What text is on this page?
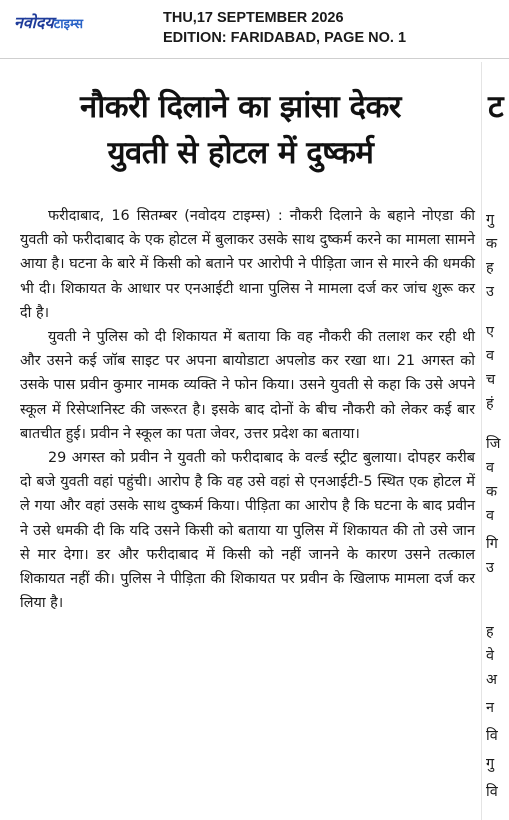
नवोदयटाइम्स	THU,17 SEPTEMBER 2026
EDITION: FARIDABAD, PAGE NO. 1
नौकरी दिलाने का झांसा देकर
युवती से होटल में दुष्कर्म

फरीदाबाद, 16 सितम्बर (नवोदय टाइम्स) : नौकरी दिलाने के बहाने नोएडा की युवती को फरीदाबाद के एक होटल में बुलाकर उसके साथ दुष्कर्म करने का मामला सामने आया है। घटना के बारे में किसी को बताने पर आरोपी ने पीड़िता जान से मारने की धमकी भी दी। शिकायत के आधार पर एनआईटी थाना पुलिस ने मामला दर्ज कर जांच शुरू कर दी है।

युवती ने पुलिस को दी शिकायत में बताया कि वह नौकरी की तलाश कर रही थी और उसने कई जॉब साइट पर अपना बायोडाटा अपलोड कर रखा था। 21 अगस्त को उसके पास प्रवीन कुमार नामक व्यक्ति ने फोन किया। उसने युवती से कहा कि उसे अपने स्कूल में रिसेप्शनिस्ट की जरूरत है। इसके बाद दोनों के बीच नौकरी को लेकर कई बार बातचीत हुई। प्रवीन ने स्कूल का पता जेवर, उत्तर प्रदेश का बताया।

29 अगस्त को प्रवीन ने युवती को फरीदाबाद के वर्ल्ड स्ट्रीट बुलाया। दोपहर करीब दो बजे युवती वहां पहुंची। आरोप है कि वह उसे वहां से एनआईटी-5 स्थित एक होटल में ले गया और वहां उसके साथ दुष्कर्म किया। पीड़िता का आरोप है कि घटना के बाद प्रवीन ने उसे धमकी दी कि यदि उसने किसी को बताया या पुलिस में शिकायत की तो उसे जान से मार देगा। डर और फरीदाबाद में किसी को नहीं जानने के कारण उसने तत्काल शिकायत नहीं की। पुलिस ने पीड़िता की शिकायत पर प्रवीन के खिलाफ मामला दर्ज कर लिया है।

ट
गु
क
ह
उ
ए
व
च
हं
जि
व
क
व
गि
उ
ह
वे
अ
न
वि
गु
वि
